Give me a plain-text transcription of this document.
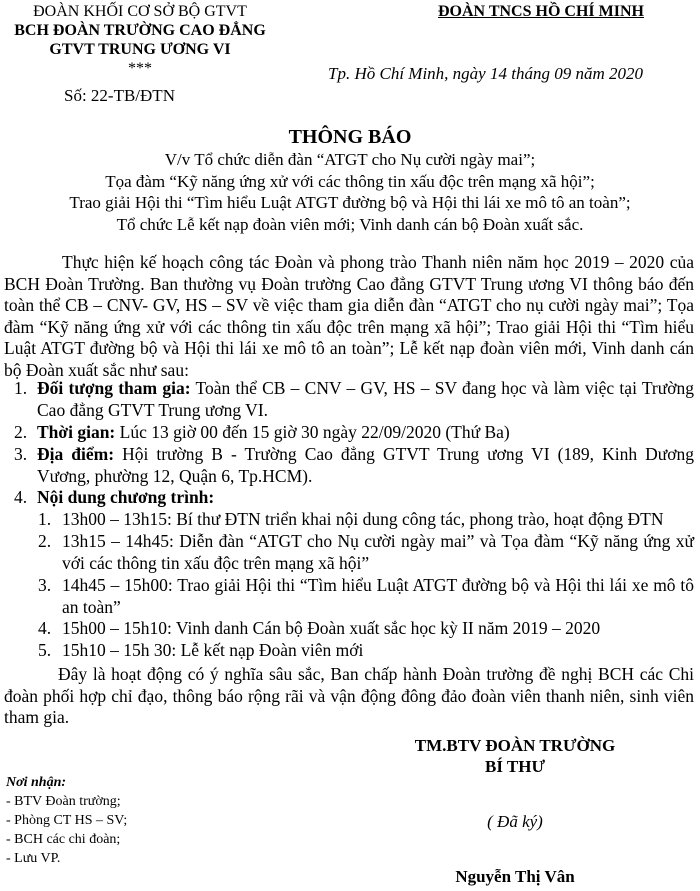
ĐOÀN KHỐI CƠ SỞ BỘ GTVT
BCH ĐOÀN TRƯỜNG CAO ĐẲNG
GTVT TRUNG ƯƠNG VI
***
Số: 22-TB/ĐTN
ĐOÀN TNCS HỒ CHÍ MINH
Tp. Hồ Chí Minh, ngày 14 tháng 09 năm 2020
THÔNG BÁO
V/v Tổ chức diễn đàn “ATGT cho Nụ cười ngày mai”;
Tọa đàm “Kỹ năng ứng xử với các thông tin xấu độc trên mạng xã hội”;
Trao giải Hội thi “Tìm hiểu Luật ATGT đường bộ và Hội thi lái xe mô tô an toàn”;
Tổ chức Lễ kết nạp đoàn viên mới; Vinh danh cán bộ Đoàn xuất sắc.
Thực hiện kế hoạch công tác Đoàn và phong trào Thanh niên năm học 2019 – 2020 của BCH Đoàn Trường. Ban thường vụ Đoàn trường Cao đẳng GTVT Trung ương VI thông báo đến toàn thể CB – CNV- GV, HS – SV về việc tham gia diễn đàn “ATGT cho nụ cười ngày mai”; Tọa đàm “Kỹ năng ứng xử với các thông tin xấu độc trên mạng xã hội”; Trao giải Hội thi “Tìm hiểu Luật ATGT đường bộ và Hội thi lái xe mô tô an toàn”; Lễ kết nạp đoàn viên mới, Vinh danh cán bộ Đoàn xuất sắc như sau:
1. Đối tượng tham gia: Toàn thể CB – CNV – GV, HS – SV đang học và làm việc tại Trường Cao đẳng GTVT Trung ương VI.
2. Thời gian: Lúc 13 giờ 00 đến 15 giờ 30 ngày 22/09/2020 (Thứ Ba)
3. Địa điểm: Hội trường B - Trường Cao đẳng GTVT Trung ương VI (189, Kinh Dương Vương, phường 12, Quận 6, Tp.HCM).
4. Nội dung chương trình:
1. 13h00 – 13h15: Bí thư ĐTN triển khai nội dung công tác, phong trào, hoạt động ĐTN
2. 13h15 – 14h45: Diễn đàn “ATGT cho Nụ cười ngày mai” và Tọa đàm “Kỹ năng ứng xử với các thông tin xấu độc trên mạng xã hội”
3. 14h45 – 15h00: Trao giải Hội thi “Tìm hiểu Luật ATGT đường bộ và Hội thi lái xe mô tô an toàn”
4. 15h00 – 15h10: Vinh danh Cán bộ Đoàn xuất sắc học kỳ II năm 2019 – 2020
5. 15h10 – 15h 30: Lễ kết nạp Đoàn viên mới
Đây là hoạt động có ý nghĩa sâu sắc, Ban chấp hành Đoàn trường đề nghị BCH các Chi đoàn phối hợp chỉ đạo, thông báo rộng rãi và vận động đông đảo đoàn viên thanh niên, sinh viên tham gia.
TM.BTV ĐOÀN TRƯỜNG
BÍ THƯ
( Đã ký)
Nguyễn Thị Vân
Nơi nhận:
- BTV Đoàn trường;
- Phòng CT HS – SV;
- BCH các chi đoàn;
- Lưu VP.
